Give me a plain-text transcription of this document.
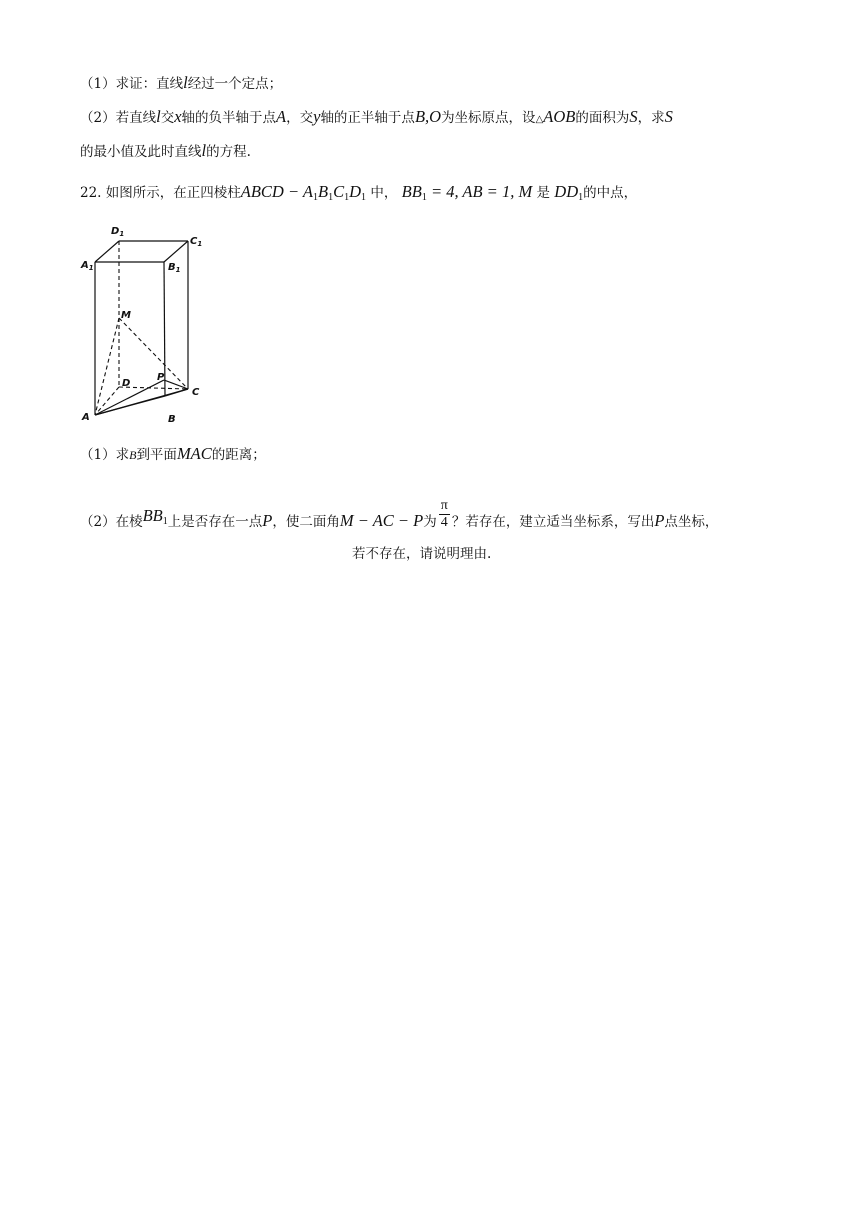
（1）求证：直线l经过一个定点；
（2）若直线l交x轴的负半轴于点A，交y轴的正半轴于点B,O为坐标原点，设△AOB的面积为S，求S
的最小值及此时直线l的方程.
22. 如图所示，在正四棱柱ABCD − $A_1B_1C_1D_1$ 中， $BB_1 = 4$, AB = 1, M 是 $DD_1$的中点，
$D_1$
$C_1$
$A_1$	$B_1$
M
D
P
C
A	B
（1）求B到平面MAC的距离；
（2）在棱$BB_1$上是否存在一点P，使二面角M − AC − P为 $\frac{\pi}{4}$ ？若存在，建立适当坐标系，写出P点坐标，
若不存在，请说明理由.
